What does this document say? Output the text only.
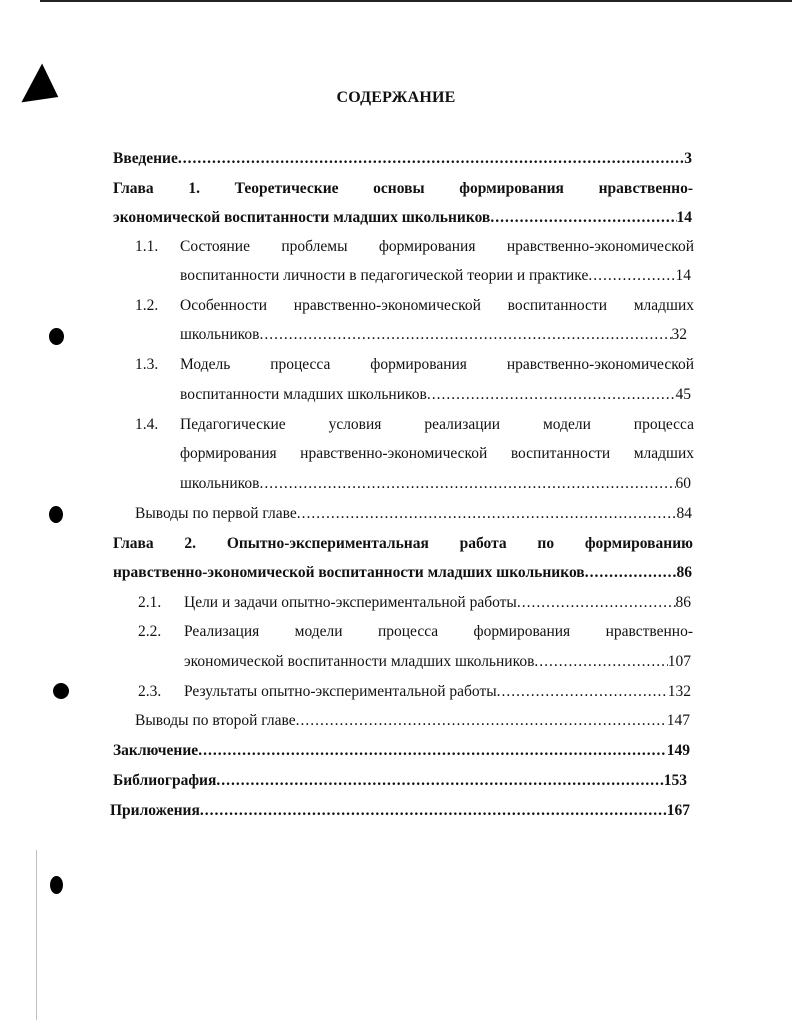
СОДЕРЖАНИЕ
Введение .....	3
Глава 1. Теоретические основы формирования нравственно-
экономической воспитанности младших школьников .....	14
1.1. Состояние проблемы формирования нравственно-экономической
воспитанности личности в педагогической теории и практике .....	14
1.2. Особенности нравственно-экономической воспитанности младших
школьников .....	32
1.3. Модель процесса формирования нравственно-экономической
воспитанности младших школьников .....	45
1.4. Педагогические условия реализации модели процесса
формирования нравственно-экономической воспитанности младших
школьников .....	60
Выводы по первой главе .....	84
Глава 2. Опытно-экспериментальная работа по формированию
нравственно-экономической воспитанности младших школьников .....	86
2.1. Цели и задачи опытно-экспериментальной работы .....	86
2.2. Реализация модели процесса формирования нравственно-
экономической воспитанности младших школьников .....	107
2.3. Результаты опытно-экспериментальной работы .....	132
Выводы по второй главе .....	147
Заключение .....	149
Библиография .....	153
Приложения .....	167
